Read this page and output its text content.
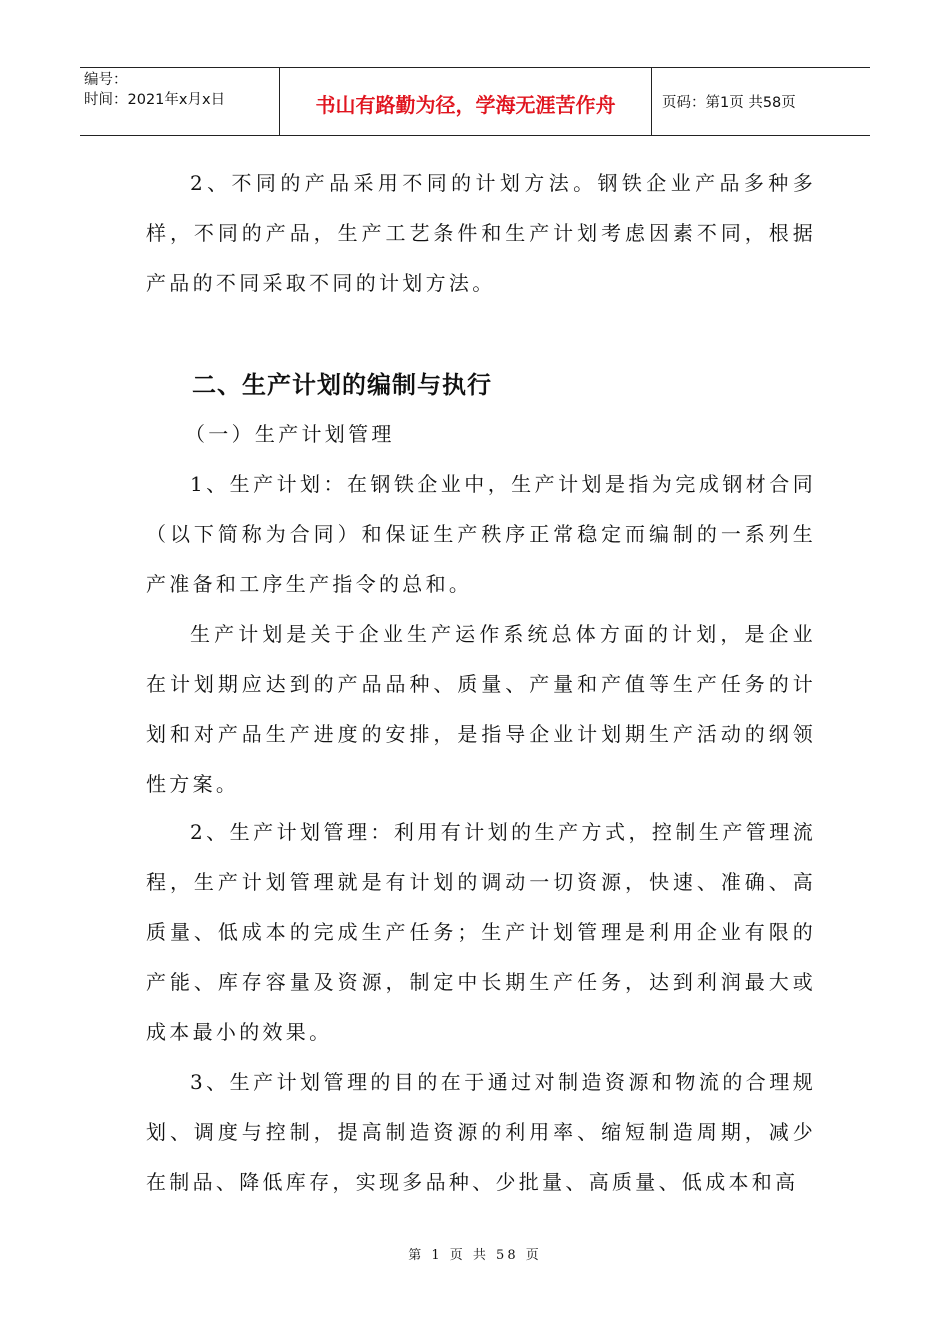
编号：
时间：2021年x月x日	书山有路勤为径，学海无涯苦作舟	页码：第1页 共58页

2、不同的产品采用不同的计划方法。钢铁企业产品多种多样，不同的产品，生产工艺条件和生产计划考虑因素不同，根据产品的不同采取不同的计划方法。

二、生产计划的编制与执行

（一）生产计划管理

1、生产计划：在钢铁企业中，生产计划是指为完成钢材合同（以下简称为合同）和保证生产秩序正常稳定而编制的一系列生产准备和工序生产指令的总和。

生产计划是关于企业生产运作系统总体方面的计划，是企业在计划期应达到的产品品种、质量、产量和产值等生产任务的计划和对产品生产进度的安排，是指导企业计划期生产活动的纲领性方案。

2、生产计划管理：利用有计划的生产方式，控制生产管理流程，生产计划管理就是有计划的调动一切资源，快速、准确、高质量、低成本的完成生产任务；生产计划管理是利用企业有限的产能、库存容量及资源，制定中长期生产任务，达到利润最大或成本最小的效果。

3、生产计划管理的目的在于通过对制造资源和物流的合理规划、调度与控制，提高制造资源的利用率、缩短制造周期，减少在制品、降低库存，实现多品种、少批量、高质量、低成本和高

第 1 页 共 58 页
